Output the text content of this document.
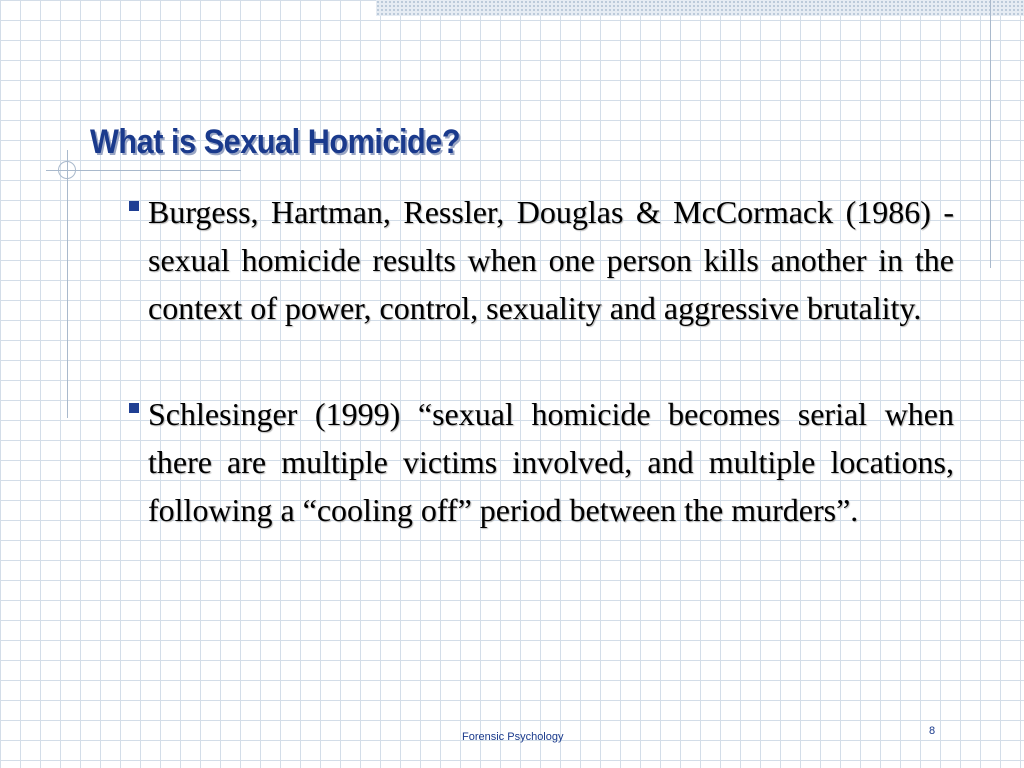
What is Sexual Homicide?
Burgess, Hartman, Ressler, Douglas & McCormack (1986) - sexual homicide results when one person kills another in the context of power, control, sexuality and aggressive brutality.
Schlesinger (1999) “sexual homicide becomes serial when there are multiple victims involved, and multiple locations, following a “cooling off” period between the murders”.
Forensic Psychology	8
